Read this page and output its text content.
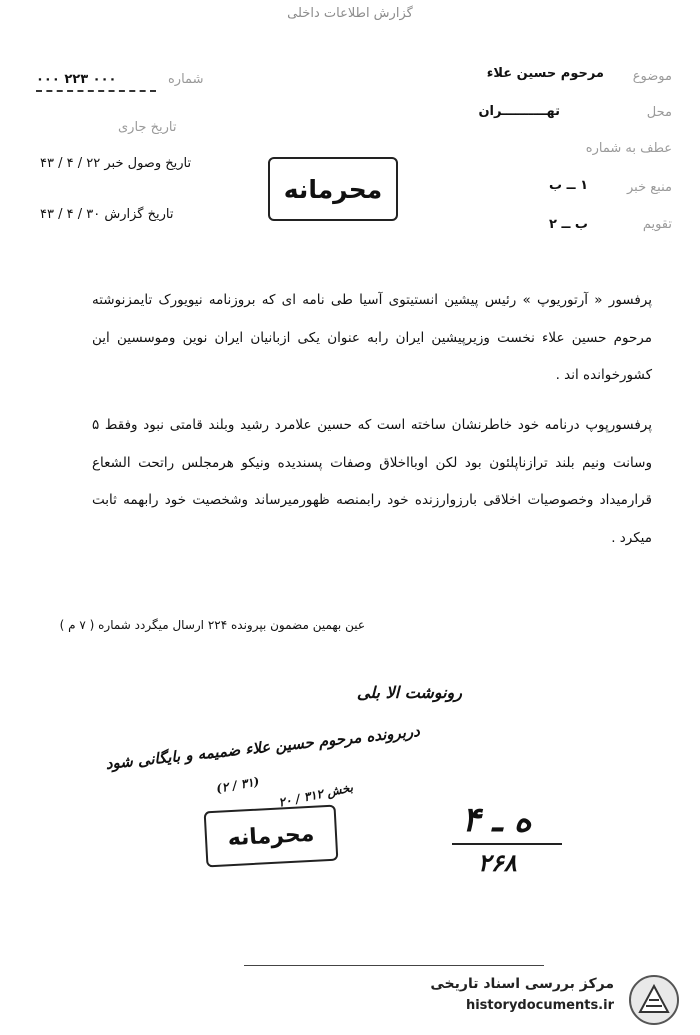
گزارش اطلاعات داخلی
شماره
۰۰۰ ۲۲۳ ۰۰۰
تاریخ جاری
تاریخ وصول خبر ۲۲ / ۴ / ۴۳
تاریخ گزارش ۳۰ / ۴ / ۴۳
موضوع
مرحوم حسین علاء
محل
تهــــــــــران
عطف به شماره
منبع خبر
۱ ــ ب
تقویم
ب ــ ۲
محرمانه
پرفسور « آرتوریوپ » رئیس پیشین انستیتوی آسیا طی نامه ای که بروزنامه نیویورک تایمزنوشته مرحوم حسین علاء نخست وزیرپیشین ایران رابه عنوان یکی ازبانیان ایران نوین وموسسین این کشورخوانده اند .
پرفسورپوپ درنامه خود خاطرنشان ساخته است که حسین علامرد رشید وبلند قامتی نبود وفقط ۵ وسانت ونیم بلند ترازناپلئون بود لکن اوبااخلاق وصفات پسندیده ونیکو هرمجلس راتحت الشعاع قرارمیداد وخصوصیات اخلاقی بارزوارزنده خود رابمنصه ظهورمیرساند وشخصیت خود رابهمه ثابت میکرد .
عین بهمین مضمون بپرونده ۲۲۴ ارسال میگردد شماره ( ۷ م )
رونوشت الا بلی
دربرونده مرحوم حسین علاء ضمیمه و بایگانی شود
(۲ / ۳۱)
بخش ۳۱۲ / ۲۰
محرمانه	ه ـ ۴
۲۶۸
مرکز بررسی اسناد تاریخی
historydocuments.ir
